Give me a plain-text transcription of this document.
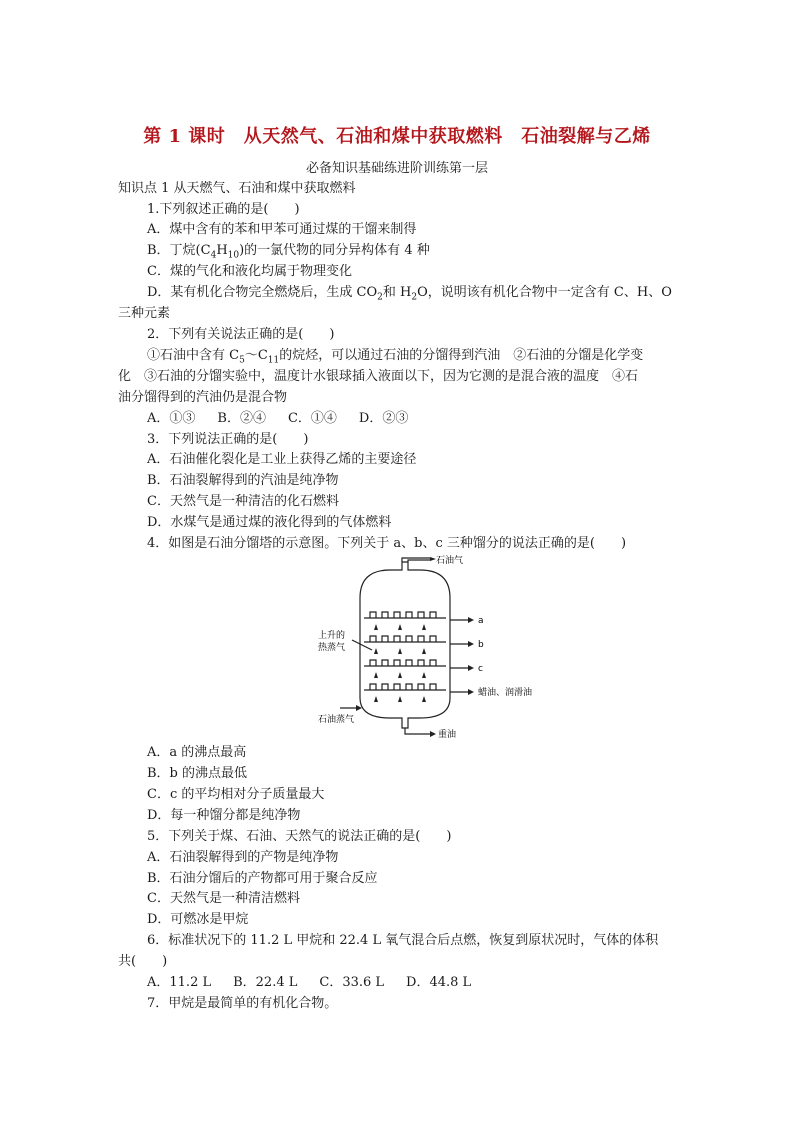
第 1 课时　从天然气、石油和煤中获取燃料　石油裂解与乙烯
必备知识基础练进阶训练第一层
知识点 1 从天燃气、石油和煤中获取燃料
1.下列叙述正确的是(　　)
A．煤中含有的苯和甲苯可通过煤的干馏来制得
B．丁烷$(C_4H_{10})$的一氯代物的同分异构体有 4 种
C．煤的气化和液化均属于物理变化
D．某有机化合物完全燃烧后，生成 $CO_2$和 $H_2O$，说明该有机化合物中一定含有 C、H、O
三种元素
2．下列有关说法正确的是(　　)
①石油中含有 $C_5\sim C_{11}$的烷烃，可以通过石油的分馏得到汽油　②石油的分馏是化学变
化　③石油的分馏实验中，温度计水银球插入液面以下，因为它测的是混合液的温度　④石
油分馏得到的汽油仍是混合物
A．①③ B．②④ C．①④ D．②③
3．下列说法正确的是(　　)
A．石油催化裂化是工业上获得乙烯的主要途径
B．石油裂解得到的汽油是纯净物
C．天然气是一种清洁的化石燃料
D．水煤气是通过煤的液化得到的气体燃料
4．如图是石油分馏塔的示意图。下列关于 a、b、c 三种馏分的说法正确的是(　　)
石油气
a
b
c
蜡油、润滑油
重油
上升的
热蒸气
石油蒸气
A．a 的沸点最高
B．b 的沸点最低
C．c 的平均相对分子质量最大
D．每一种馏分都是纯净物
5．下列关于煤、石油、天然气的说法正确的是(　　)
A．石油裂解得到的产物是纯净物
B．石油分馏后的产物都可用于聚合反应
C．天然气是一种清洁燃料
D．可燃冰是甲烷
6．标准状况下的 11.2 L 甲烷和 22.4 L 氧气混合后点燃，恢复到原状况时，气体的体积
共(　　)
A．11.2 L B．22.4 L C．33.6 L D．44.8 L
7．甲烷是最简单的有机化合物。
